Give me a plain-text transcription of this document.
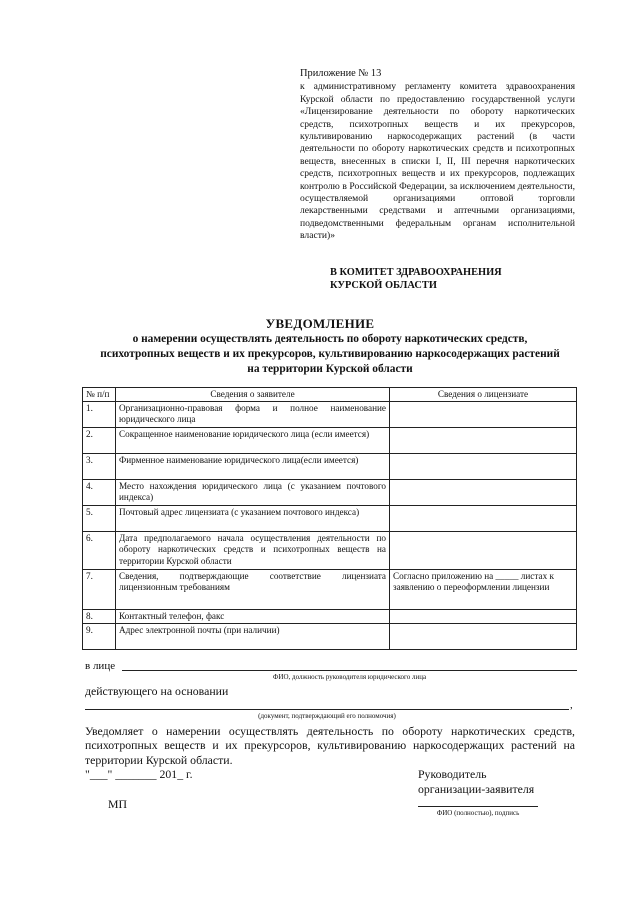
Приложение № 13
к административному регламенту комитета здравоохранения Курской области по предоставлению государственной услуги «Лицензирование деятельности по обороту наркотических средств, психотропных веществ и их прекурсоров, культивированию наркосодержащих растений (в части деятельности по обороту наркотических средств и психотропных веществ, внесенных в списки I, II, III перечня наркотических средств, психотропных веществ и их прекурсоров, подлежащих контролю в Российской Федерации, за исключением деятельности, осуществляемой организациями оптовой торговли лекарственными средствами и аптечными организациями, подведомственными федеральным органам исполнительной власти)»
В КОМИТЕТ ЗДРАВООХРАНЕНИЯ
КУРСКОЙ ОБЛАСТИ
УВЕДОМЛЕНИЕ
о намерении осуществлять деятельность по обороту наркотических средств, психотропных веществ и их прекурсоров, культивированию наркосодержащих растений на территории Курской области
№ п/п	Сведения о заявителе	Сведения о лицензиате
1.	Организационно-правовая форма и полное наименование юридического лица	
2.	Сокращенное наименование юридического лица (если имеется)	
3.	Фирменное наименование юридического лица(если имеется)	
4.	Место нахождения юридического лица (с указанием почтового индекса)	
5.	Почтовый адрес лицензиата (с указанием почтового индекса)	
6.	Дата предполагаемого начала осуществления деятельности по обороту наркотических средств и психотропных веществ на территории Курской области	
7.	Сведения, подтверждающие соответствие лицензиата лицензионным требованиям	Согласно приложению на _____ листах к заявлению о переоформлении лицензии
8.	Контактный телефон, факс	
9.	Адрес электронной почты (при наличии)	
в лице
ФИО, должность руководителя юридического лица
действующего на основании
,
(документ, подтверждающий его полномочия)
Уведомляет о намерении осуществлять деятельность по обороту наркотических средств, психотропных веществ и их прекурсоров, культивированию наркосодержащих растений на территории Курской области.
"___" _______ 201_ г.	Руководитель
организации-заявителя
МП
ФИО (полностью), подпись
